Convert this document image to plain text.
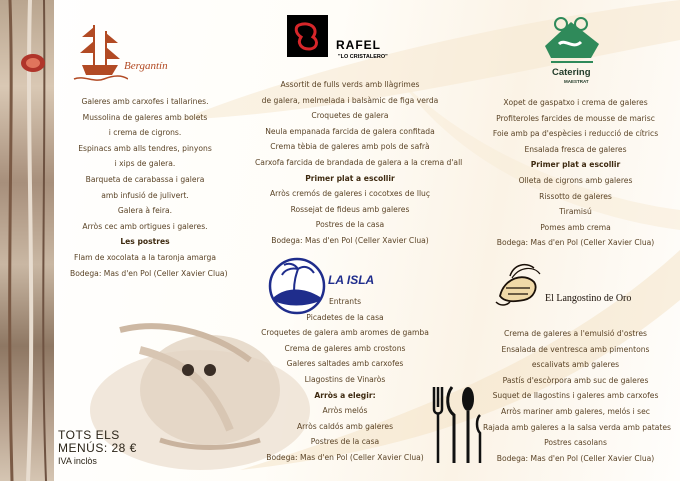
Bergantín
RAFEL
"LO CRISTALERO"
Catering
MAESTRAT
LA ISLA
El Langostino de Oro
Galeres amb carxofes i tallarines.
Mussolina de galeres amb bolets
i crema de cigrons.
Espinacs amb alls tendres, pinyons
i xips de galera.
Barqueta de carabassa i galera
amb infusió de julivert.
Galera à feira.
Arròs cec amb ortigues i galeres.
Les postres
Flam de xocolata a la taronja amarga
Bodega: Mas d'en Pol (Celler Xavier Clua)
Assortit de fulls verds amb llàgrimes
de galera, melmelada i balsàmic de figa verda
Croquetes de galera
Neula empanada farcida de galera confitada
Crema tèbia de galeres amb pols de safrà
Carxofa farcida de brandada de galera a la crema d'all
Primer plat a escollir
Arròs cremós de galeres i cocotxes de lluç
Rossejat de fideus amb galeres
Postres de la casa
Bodega: Mas d'en Pol (Celler Xavier Clua)
Xopet de gaspatxo i crema de galeres
Profiteroles farcides de mousse de marisc
Foie amb pa d'espècies i reducció de cítrics
Ensalada fresca de galeres
Primer plat a escollir
Olleta de cigrons amb galeres
Rissotto de galeres
Tiramisú
Pomes amb crema
Bodega: Mas d'en Pol (Celler Xavier Clua)
Entrants
Picadetes de la casa
Croquetes de galera amb aromes de gamba
Crema de galeres amb crostons
Galeres saltades amb carxofes
Llagostins de Vinaròs
Arròs a elegir:
Arròs melós
Arròs caldós amb galeres
Postres de la casa
Bodega: Mas d'en Pol (Celler Xavier Clua)
Crema de galeres a l'emulsió d'ostres
Ensalada de ventresca amb pimentons
escalivats amb galeres
Pastís d'escòrpora amb suc de galeres
Suquet de llagostins i galeres amb carxofes
Arròs mariner amb galeres, melós i sec
Rajada amb galeres a la salsa verda amb patates
Postres casolans
Bodega: Mas d'en Pol (Celler Xavier Clua)
TOTS ELS
MENÚS: 28 €
IVA inclòs
